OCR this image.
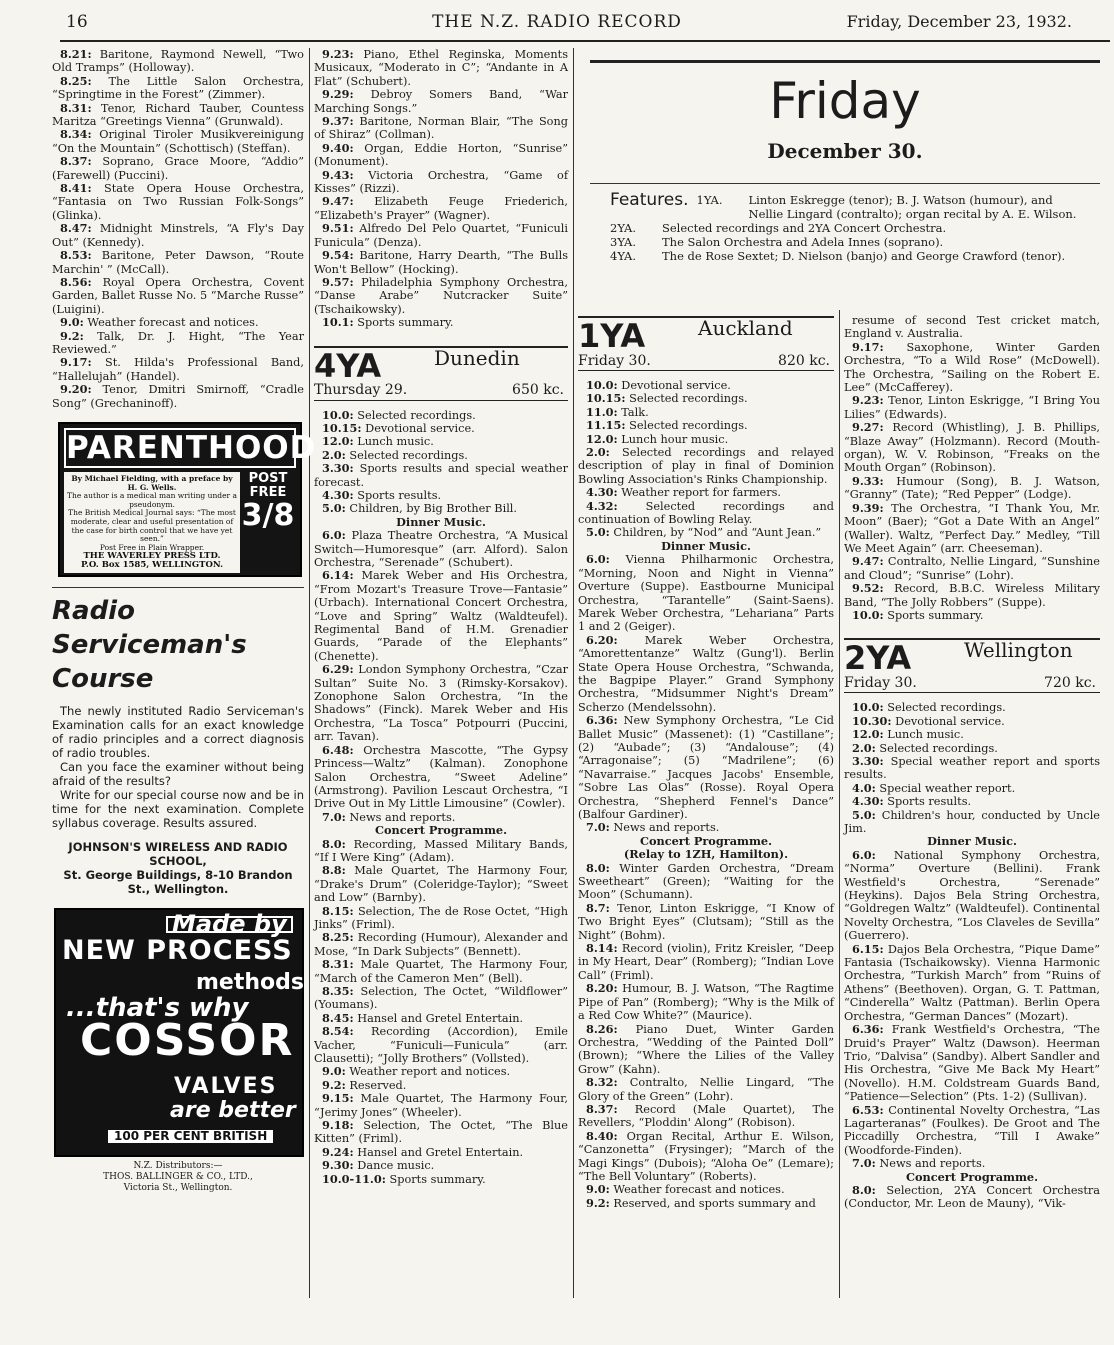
16	THE N.Z. RADIO RECORD	Friday, December 23, 1932.

8.21: Baritone, Raymond Newell, “Two Old Tramps” (Holloway).

8.25: The Little Salon Orchestra, “Springtime in the Forest” (Zimmer).

8.31: Tenor, Richard Tauber, Countess Maritza “Greetings Vienna” (Grunwald).

8.34: Original Tiroler Musikvereinigung “On the Mountain” (Schottisch) (Steffan).

8.37: Soprano, Grace Moore, “Addio” (Farewell) (Puccini).

8.41: State Opera House Orchestra, “Fantasia on Two Russian Folk-Songs” (Glinka).

8.47: Midnight Minstrels, “A Fly's Day Out” (Kennedy).

8.53: Baritone, Peter Dawson, “Route Marchin' ” (McCall).

8.56: Royal Opera Orchestra, Covent Garden, Ballet Russe No. 5 “Marche Russe” (Luigini).

9.0: Weather forecast and notices.

9.2: Talk, Dr. J. Hight, “The Year Reviewed.”

9.17: St. Hilda's Professional Band, “Hallelujah” (Handel).

9.20: Tenor, Dmitri Smirnoff, “Cradle Song” (Grechaninoff).

PARENTHOOD
By Michael Fielding, with a preface by H. G. Wells.
The author is a medical man writing under a pseudonym.
The British Medical Journal says: “The most moderate, clear and useful presentation of the case for birth control that we have yet seen.”
Post Free in Plain Wrapper.
THE WAVERLEY PRESS LTD.
P.O. Box 1585, WELLINGTON.
POST FREE
3/8
Radio
Serviceman's
Course

The newly instituted Radio Serviceman's Examination calls for an exact knowledge of radio principles and a correct diagnosis of radio troubles.

Can you face the examiner without being afraid of the results?

Write for our special course now and be in time for the next examination. Complete syllabus coverage. Results assured.

JOHNSON'S WIRELESS AND RADIO SCHOOL,
St. George Buildings, 8-10 Brandon St., Wellington.
Made by
NEW PROCESS
methods
...that's why
COSSOR
VALVES
are better
100 PER CENT BRITISH
N.Z. Distributors:—
THOS. BALLINGER & CO., LTD.,
Victoria St., Wellington.

9.23: Piano, Ethel Reginska, Moments Musicaux, “Moderato in C”; “Andante in A Flat” (Schubert).

9.29: Debroy Somers Band, “War Marching Songs.”

9.37: Baritone, Norman Blair, “The Song of Shiraz” (Collman).

9.40: Organ, Eddie Horton, “Sunrise” (Monument).

9.43: Victoria Orchestra, “Game of Kisses” (Rizzi).

9.47: Elizabeth Feuge Friederich, “Elizabeth's Prayer” (Wagner).

9.51: Alfredo Del Pelo Quartet, “Funiculi Funicula” (Denza).

9.54: Baritone, Harry Dearth, “The Bulls Won't Bellow” (Hocking).

9.57: Philadelphia Symphony Orchestra, “Danse Arabe” Nutcracker Suite” (Tschaikowsky).

10.1: Sports summary.

4YA	Dunedin
Thursday 29.	650 kc.

10.0: Selected recordings.

10.15: Devotional service.

12.0: Lunch music.

2.0: Selected recordings.

3.30: Sports results and special weather forecast.

4.30: Sports results.

5.0: Children, by Big Brother Bill.

Dinner Music.

6.0: Plaza Theatre Orchestra, “A Musical Switch—Humoresque” (arr. Alford). Salon Orchestra, “Serenade” (Schubert).

6.14: Marek Weber and His Orchestra, “From Mozart's Treasure Trove—Fantasie” (Urbach). International Concert Orchestra, “Love and Spring” Waltz (Waldteufel). Regimental Band of H.M. Grenadier Guards, “Parade of the Elephants” (Chenette).

6.29: London Symphony Orchestra, “Czar Sultan” Suite No. 3 (Rimsky-Korsakov). Zonophone Salon Orchestra, “In the Shadows” (Finck). Marek Weber and His Orchestra, “La Tosca” Potpourri (Puccini, arr. Tavan).

6.48: Orchestra Mascotte, “The Gypsy Princess—Waltz” (Kalman). Zonophone Salon Orchestra, “Sweet Adeline” (Armstrong). Pavilion Lescaut Orchestra, “I Drive Out in My Little Limousine” (Cowler).

7.0: News and reports.

Concert Programme.

8.0: Recording, Massed Military Bands, “If I Were King” (Adam).

8.8: Male Quartet, The Harmony Four, “Drake's Drum” (Coleridge-Taylor); “Sweet and Low” (Barnby).

8.15: Selection, The de Rose Octet, “High Jinks” (Friml).

8.25: Recording (Humour), Alexander and Mose, “In Dark Subjects” (Bennett).

8.31: Male Quartet, The Harmony Four, “March of the Cameron Men” (Bell).

8.35: Selection, The Octet, “Wildflower” (Youmans).

8.45: Hansel and Gretel Entertain.

8.54: Recording (Accordion), Emile Vacher, “Funiculi—Funicula” (arr. Clausetti); “Jolly Brothers” (Vollsted).

9.0: Weather report and notices.

9.2: Reserved.

9.15: Male Quartet, The Harmony Four, “Jerimy Jones” (Wheeler).

9.18: Selection, The Octet, “The Blue Kitten” (Friml).

9.24: Hansel and Gretel Entertain.

9.30: Dance music.

10.0-11.0: Sports summary.

Friday
December 30.
Features. 1YA.	Linton Eskregge (tenor); B. J. Watson (humour), and Nellie Lingard (contralto); organ recital by A. E. Wilson.
2YA.	Selected recordings and 2YA Concert Orchestra.
3YA.	The Salon Orchestra and Adela Innes (soprano).
4YA.	The de Rose Sextet; D. Nielson (banjo) and George Crawford (tenor).
1YA	Auckland
Friday 30.	820 kc.

10.0: Devotional service.

10.15: Selected recordings.

11.0: Talk.

11.15: Selected recordings.

12.0: Lunch hour music.

2.0: Selected recordings and relayed description of play in final of Dominion Bowling Association's Rinks Championship.

4.30: Weather report for farmers.

4.32: Selected recordings and continuation of Bowling Relay.

5.0: Children, by “Nod” and “Aunt Jean.”

Dinner Music.

6.0: Vienna Philharmonic Orchestra, “Morning, Noon and Night in Vienna” Overture (Suppe). Eastbourne Municipal Orchestra, “Tarantelle” (Saint-Saens). Marek Weber Orchestra, “Lehariana” Parts 1 and 2 (Geiger).

6.20: Marek Weber Orchestra, “Amorettentanze” Waltz (Gung'l). Berlin State Opera House Orchestra, “Schwanda, the Bagpipe Player.” Grand Symphony Orchestra, “Midsummer Night's Dream” Scherzo (Mendelssohn).

6.36: New Symphony Orchestra, “Le Cid Ballet Music” (Massenet): (1) “Castillane”; (2) “Aubade”; (3) “Andalouse”; (4) “Arragonaise”; (5) “Madrilene”; (6) “Navarraise.” Jacques Jacobs' Ensemble, “Sobre Las Olas” (Rosse). Royal Opera Orchestra, “Shepherd Fennel's Dance” (Balfour Gardiner).

7.0: News and reports.

Concert Programme.

(Relay to 1ZH, Hamilton).

8.0: Winter Garden Orchestra, “Dream Sweetheart” (Green); “Waiting for the Moon” (Schumann).

8.7: Tenor, Linton Eskrigge, “I Know of Two Bright Eyes” (Clutsam); “Still as the Night” (Bohm).

8.14: Record (violin), Fritz Kreisler, “Deep in My Heart, Dear” (Romberg); “Indian Love Call” (Friml).

8.20: Humour, B. J. Watson, “The Ragtime Pipe of Pan” (Romberg); “Why is the Milk of a Red Cow White?” (Maurice).

8.26: Piano Duet, Winter Garden Orchestra, “Wedding of the Painted Doll” (Brown); “Where the Lilies of the Valley Grow” (Kahn).

8.32: Contralto, Nellie Lingard, “The Glory of the Green” (Lohr).

8.37: Record (Male Quartet), The Revellers, “Ploddin' Along” (Robison).

8.40: Organ Recital, Arthur E. Wilson, “Canzonetta” (Frysinger); “March of the Magi Kings” (Dubois); “Aloha Oe” (Lemare); “The Bell Voluntary” (Roberts).

9.0: Weather forecast and notices.

9.2: Reserved, and sports summary and

resume of second Test cricket match, England v. Australia.

9.17: Saxophone, Winter Garden Orchestra, “To a Wild Rose” (McDowell). The Orchestra, “Sailing on the Robert E. Lee” (McCafferey).

9.23: Tenor, Linton Eskrigge, “I Bring You Lilies” (Edwards).

9.27: Record (Whistling), J. B. Phillips, “Blaze Away” (Holzmann). Record (Mouth-organ), W. V. Robinson, “Freaks on the Mouth Organ” (Robinson).

9.33: Humour (Song), B. J. Watson, “Granny” (Tate); “Red Pepper” (Lodge).

9.39: The Orchestra, “I Thank You, Mr. Moon” (Baer); “Got a Date With an Angel” (Waller). Waltz, “Perfect Day.” Medley, “Till We Meet Again” (arr. Cheeseman).

9.47: Contralto, Nellie Lingard, “Sunshine and Cloud”; “Sunrise” (Lohr).

9.52: Record, B.B.C. Wireless Military Band, “The Jolly Robbers” (Suppe).

10.0: Sports summary.

2YA	Wellington
Friday 30.	720 kc.

10.0: Selected recordings.

10.30: Devotional service.

12.0: Lunch music.

2.0: Selected recordings.

3.30: Special weather report and sports results.

4.0: Special weather report.

4.30: Sports results.

5.0: Children's hour, conducted by Uncle Jim.

Dinner Music.

6.0: National Symphony Orchestra, “Norma” Overture (Bellini). Frank Westfield's Orchestra, “Serenade” (Heykins). Dajos Bela String Orchestra, “Goldregen Waltz” (Waldteufel). Continental Novelty Orchestra, “Los Claveles de Sevilla” (Guerrero).

6.15: Dajos Bela Orchestra, “Pique Dame” Fantasia (Tschaikowsky). Vienna Harmonic Orchestra, “Turkish March” from “Ruins of Athens” (Beethoven). Organ, G. T. Pattman, “Cinderella” Waltz (Pattman). Berlin Opera Orchestra, “German Dances” (Mozart).

6.36: Frank Westfield's Orchestra, “The Druid's Prayer” Waltz (Dawson). Heerman Trio, “Dalvisa” (Sandby). Albert Sandler and His Orchestra, “Give Me Back My Heart” (Novello). H.M. Coldstream Guards Band, “Patience—Selection” (Pts. 1-2) (Sullivan).

6.53: Continental Novelty Orchestra, “Las Lagarteranas” (Foulkes). De Groot and The Piccadilly Orchestra, “Till I Awake” (Woodforde-Finden).

7.0: News and reports.

Concert Programme.

8.0: Selection, 2YA Concert Orchestra (Conductor, Mr. Leon de Mauny), “Vik-
